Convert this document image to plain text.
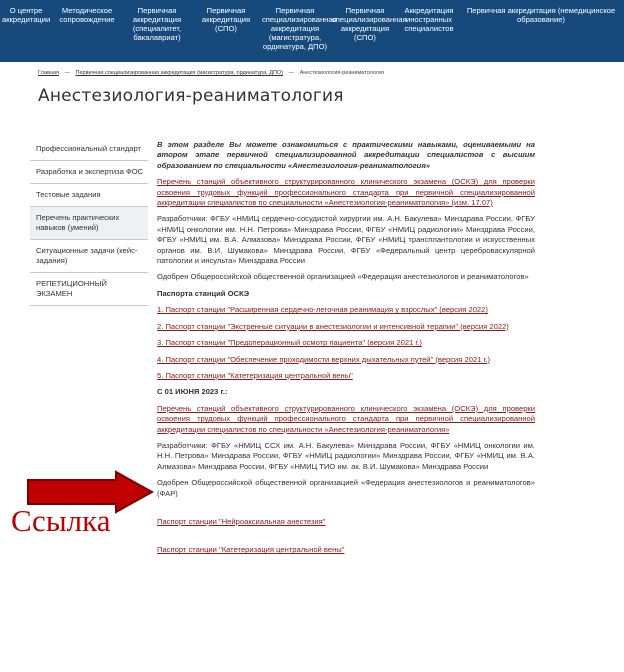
О центре аккредитации
Методическое сопровождение
Первичная аккредитация (специалитет, бакалавриат)
Первичная аккредитация (СПО)
Первичная специализированная аккредитация (магистратура, ординатура, ДПО)
Первичная специализированная аккредитация (СПО)
Аккредитация иностранных специалистов
Первичная аккредитация (немедицинское образование)
Главная — Первичная специализированная аккредитация (магистратура, ординатура, ДПО) — Анестезиология-реаниматология
Анестезиология-реаниматология
Профессиональный стандарт
Разработка и экспертиза ФОС
Тестовые задания
Перечень практических навыков (умений)
Ситуационные задачи (кейс-задания)
РЕПЕТИЦИОННЫЙ ЭКЗАМЕН

В этом разделе Вы можете ознакомиться с практическими навыками, оцениваемыми на втором этапе первичной специализированной аккредитации специалистов с высшим образованием по специальности «Анестезиология-реаниматология»

Перечень станций объективного структурированного клинического экзамена (ОСКЭ) для проверки освоения трудовых функций профессионального стандарта при первичной специализированной аккредитации специалистов по специальности «Анестезиология-реаниматология» (изм. 17.07)

Разработчики: ФГБУ «НМИЦ сердечно-сосудистой хирургии им. А.Н. Бакулева» Минздрава России, ФГБУ «НМИЦ онкологии им. Н.Н. Петрова» Минздрава России, ФГБУ «НМИЦ радиологии» Минздрава России, ФГБУ «НМИЦ им. В.А. Алмазова» Минздрава России, ФГБУ «НМИЦ трансплантологии и искусственных органов им. В.И. Шумакова» Минздрава России, ФГБУ «Федеральный центр цереброваскулярной патологии и инсульта» Минздрава России

Одобрен Общероссийской общественной организацией «Федерация анестезиологов и реаниматологов»

Паспорта станций ОСКЭ

1. Паспорт станции "Расширенная сердечно-легочная реанимация у взрослых" (версия 2022)

2. Паспорт станции "Экстренные ситуации в анестезиологии и интенсивной терапии" (версия 2022)

3. Паспорт станции "Предоперационный осмотр пациента" (версия 2021 г.)

4. Паспорт станции "Обеспечение проходимости верхних дыхательных путей" (версия 2021 г.)

5. Паспорт станции "Катетеризация центральной вены"

С 01 ИЮНЯ 2023 г.:

Перечень станций объективного структурированного клинического экзамена (ОСКЭ) для проверки освоения трудовых функций профессионального стандарта при первичной специализированной аккредитации специалистов по специальности «Анестезиология-реаниматология»

Разработчики: ФГБУ «НМИЦ ССХ им. А.Н. Бакулева» Минздрава России, ФГБУ «НМИЦ онкологии им. Н.Н. Петрова» Минздрава России, ФГБУ «НМИЦ радиологии» Минздрава России, ФГБУ «НМИЦ им. В.А. Алмазова» Минздрава России, ФГБУ «НМИЦ ТИО им. ак. В.И. Шумакова» Минздрава России

Одобрен Общероссийской общественной организацией «Федерация анестезиологов и реаниматологов» (ФАР)

Паспорт станции "Нейроаксиальная анестезия"

Паспорт станции "Катетеризация центральной вены"

Ссылка
